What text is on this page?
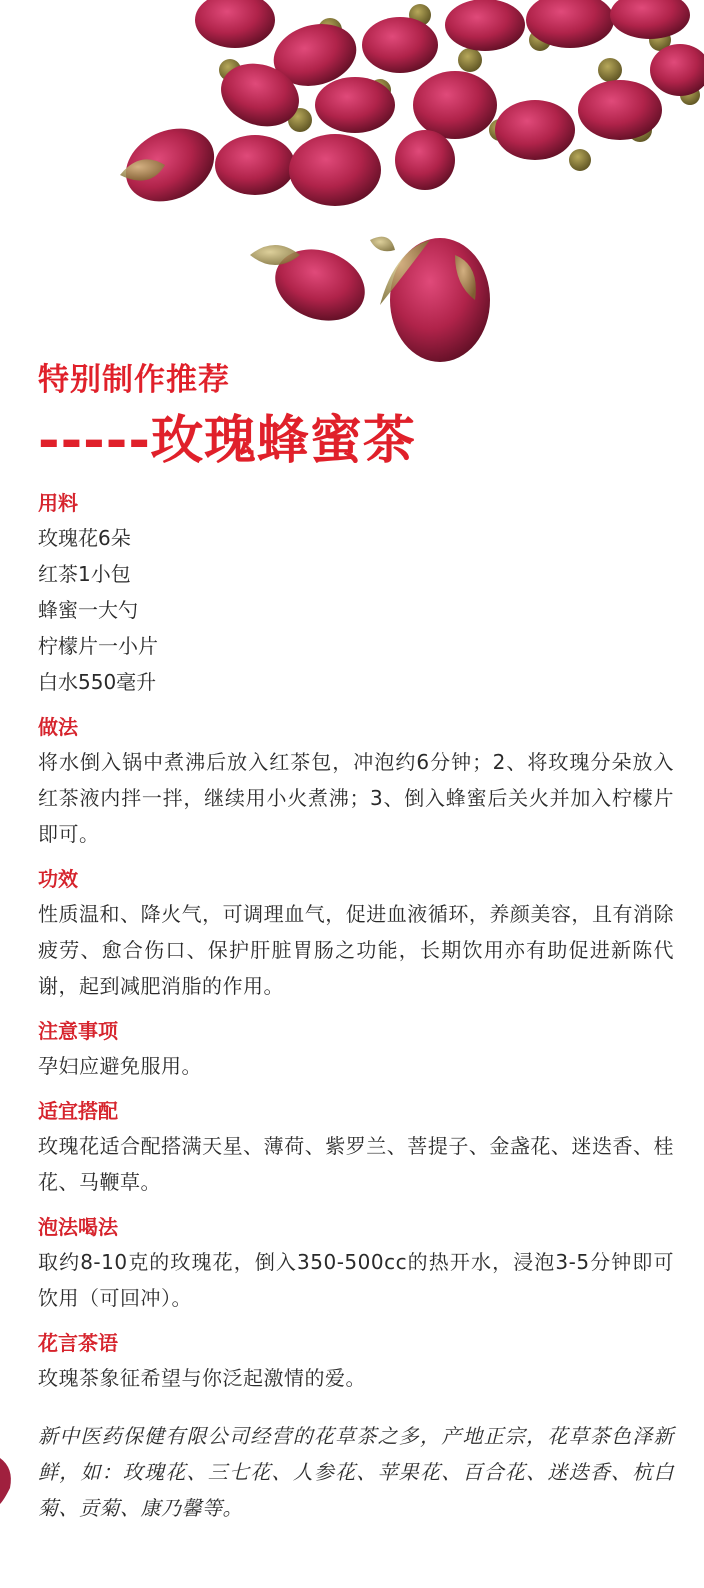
特别制作推荐
-----玫瑰蜂蜜茶
用料
玫瑰花6朵
红茶1小包
蜂蜜一大勺
柠檬片一小片
白水550毫升
做法
将水倒入锅中煮沸后放入红茶包，冲泡约6分钟；2、将玫瑰分朵放入红茶液内拌一拌，继续用小火煮沸；3、倒入蜂蜜后关火并加入柠檬片即可。
功效
性质温和、降火气，可调理血气，促进血液循环，养颜美容，且有消除疲劳、愈合伤口、保护肝脏胃肠之功能，长期饮用亦有助促进新陈代谢，起到减肥消脂的作用。
注意事项
孕妇应避免服用。
适宜搭配
玫瑰花适合配搭满天星、薄荷、紫罗兰、菩提子、金盏花、迷迭香、桂花、马鞭草。
泡法喝法
取约8-10克的玫瑰花，倒入350-500cc的热开水，浸泡3-5分钟即可饮用（可回冲）。
花言茶语
玫瑰茶象征希望与你泛起激情的爱。
新中医药保健有限公司经营的花草茶之多，产地正宗，花草茶色泽新鲜，如：玫瑰花、三七花、人参花、苹果花、百合花、迷迭香、杭白菊、贡菊、康乃馨等。
